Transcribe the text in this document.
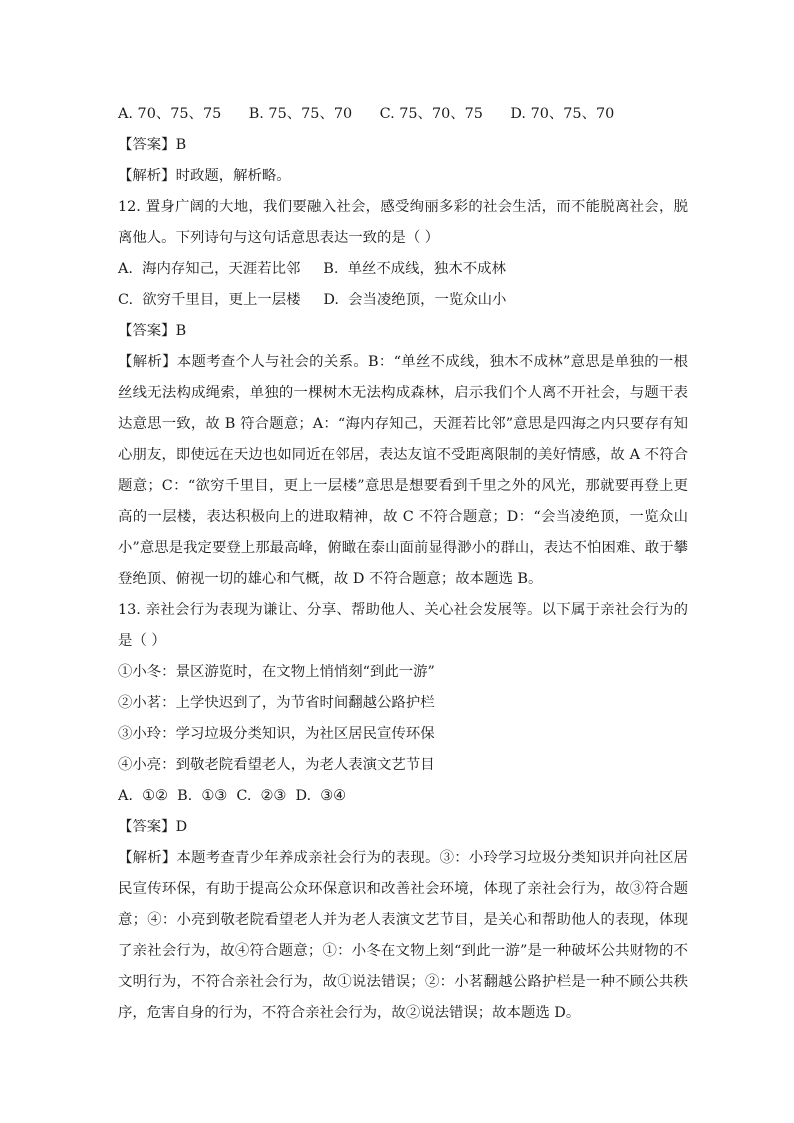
A. 70、75、75      B. 75、75、70      C. 75、70、75      D. 70、75、70

【答案】B

【解析】时政题，解析略。

12. 置身广阔的大地，我们要融入社会，感受绚丽多彩的社会生活，而不能脱离社会，脱离他人。下列诗句与这句话意思表达一致的是（ ）

A.  海内存知己，天涯若比邻     B.  单丝不成线，独木不成林

C.  欲穷千里目，更上一层楼     D.  会当凌绝顶，一览众山小

【答案】B

【解析】本题考查个人与社会的关系。B：“单丝不成线，独木不成林”意思是单独的一根丝线无法构成绳索，单独的一棵树木无法构成森林，启示我们个人离不开社会，与题干表达意思一致，故 B 符合题意；A：“海内存知己，天涯若比邻”意思是四海之内只要存有知心朋友，即使远在天边也如同近在邻居，表达友谊不受距离限制的美好情感，故 A 不符合题意；C：“欲穷千里目，更上一层楼”意思是想要看到千里之外的风光，那就要再登上更高的一层楼，表达积极向上的进取精神，故 C 不符合题意；D：“会当凌绝顶，一览众山小”意思是我定要登上那最高峰，俯瞰在泰山面前显得渺小的群山，表达不怕困难、敢于攀登绝顶、俯视一切的雄心和气概，故 D 不符合题意；故本题选 B。

13. 亲社会行为表现为谦让、分享、帮助他人、关心社会发展等。以下属于亲社会行为的是（ ）

①小冬：景区游览时，在文物上悄悄刻“到此一游”

②小茗：上学快迟到了，为节省时间翻越公路护栏

③小玲：学习垃圾分类知识，为社区居民宣传环保

④小亮：到敬老院看望老人，为老人表演文艺节目

A.  ①②  B.  ①③  C.  ②③  D.  ③④

【答案】D

【解析】本题考查青少年养成亲社会行为的表现。③：小玲学习垃圾分类知识并向社区居民宣传环保，有助于提高公众环保意识和改善社会环境，体现了亲社会行为，故③符合题意；④：小亮到敬老院看望老人并为老人表演文艺节目，是关心和帮助他人的表现，体现了亲社会行为，故④符合题意；①：小冬在文物上刻“到此一游”是一种破坏公共财物的不文明行为，不符合亲社会行为，故①说法错误；②：小茗翻越公路护栏是一种不顾公共秩序，危害自身的行为，不符合亲社会行为，故②说法错误；故本题选 D。
